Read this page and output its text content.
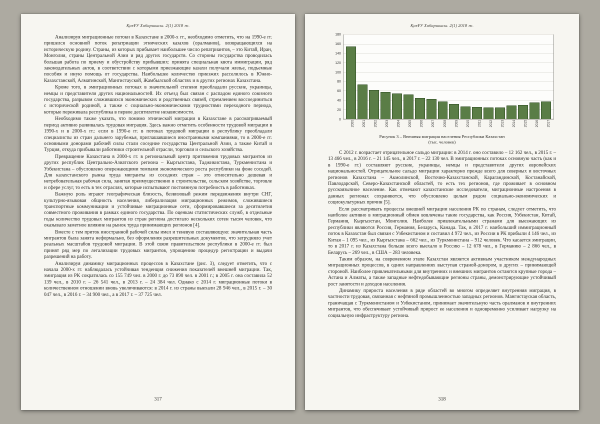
ҚазҰУ Хабаршысы. 2(1) 2018 ж.

Анализируя миграционные потоки в Казахстане в 2000-х гг., необходимо отметить, что на 1990-е гг. пришелся основной поток репатриации этнических казахов (оралманов), возвращающихся на историческую родину. Страны, из которых прибывает наибольшее число репатриантов, – это Китай, Иран, Монголия, страны Центральной Азии и ряд других государств. Со стороны государства проводилась большая работа по приему и обустройству прибывших: принята специальная квота иммиграции, ряд законодательных актов, в соответствии с которыми приезжающие казахи получали жилье, подъемные пособия и иную помощь от государства. Наибольшее количество приезжих расселилось в Южно-Казахстанской, Алматинской, Мангистауской, Жамбылской областях и в других регионах Казахстана.

Кроме того, в эмиграционных потоках в значительной степени преобладали русские, украинцы, немцы и представители других национальностей. Их отъезд был связан с распадом единого союзного государства, разрывом сложившихся экономических и родственных связей, стремлением воссоединиться с исторической родиной, а также с социально-экономическими трудностями переходного периода, которые переживала республика в первое десятилетие независимости.

Необходимо также указать, что помимо этнической миграции в Казахстане в рассматриваемый период активно развивалась трудовая миграция. Здесь важно отметить особенности трудовой миграции в 1990-х и в 2000-х гг.: если в 1990-е гг. в потоках трудовой миграции в республику преобладали специалисты из стран дальнего зарубежья, приглашавшиеся иностранными компаниями, то в 2000-е гг. основными донорами рабочей силы стали соседние государства Центральной Азии, а также Китай и Турция, откуда прибывали работники строительной отрасли, торговли и сельского хозяйства.

Превращение Казахстана в 2000-х гг. в региональный центр притяжения трудовых мигрантов из других республик Центрально-Азиатского региона – Кыргызстана, Таджикистана, Туркменистана и Узбекистана – обусловлено опережающими темпами экономического роста республики на фоне соседей. Для казахстанского рынка труда мигранты из соседних стран – это относительно дешевая и нетребовательная рабочая сила, занятая преимущественно в строительстве, сельском хозяйстве, торговле и сфере услуг, то есть в тех отраслях, которые испытывают постоянную потребность в работниках.

Важную роль играют географическая близость, безвизовый режим передвижения внутри СНГ, культурно-языковая общность населения, либерализация миграционных режимов, сложившиеся транспортные коммуникации и устойчивые миграционные сети, сформировавшиеся за десятилетия совместного проживания в рамках единого государства. По оценкам статистических служб, в отдельные годы количество трудовых мигрантов из стран региона достигало нескольких сотен тысяч человек, что оказывало заметное влияние на рынок труда принимающих регионов [4].

Вместе с тем приток иностранной рабочей силы имел и теневую составляющую: значительная часть мигрантов была занята неформально, без оформления разрешительных документов, что затрудняло учет реальных масштабов трудовой миграции. В этой связи правительством республики в 2000-е гг. был принят ряд мер по легализации трудовых мигрантов, упрощению процедур регистрации и выдачи разрешений на работу.

Анализируя динамику миграционных процессов в Казахстане (рис. 3), следует отметить, что с начала 2000-х гг. наблюдалась устойчивая тенденция снижения показателей внешней миграции. Так, эмиграция из РК сократилась со 155 749 чел. в 2000 г. до 73 890 чел. в 2001 г.; в 2005 г. она составила 52 139 чел., в 2010 г. – 26 541 чел., в 2013 г. – 24 384 чел. Однако с 2014 г. миграционные потоки в количественном отношении вновь увеличиваются: в 2014 г. из страны выехали 28 946 чел., в 2015 г. – 30 047 чел., в 2016 г. – 34 900 чел., а в 2017 г. – 37 725 чел.

317
ҚазҰУ Хабаршысы. 2(1) 2018 ж.
0
20
40
60
80
100
120
140
160
180
2000 2001 2002 2003 2004 2005 2006 2007 2008 2009 2010 2011 2012 2013 2014 2015 2016 2017
Рисунок 3 – Внешняя миграция населения Республики Казахстан
(тыс. человек)

С 2012 г. возрастает отрицательное сальдо миграции: в 2014 г. оно составило – 12 162 чел., в 2015 г. – 13 466 чел., в 2016 г. – 21 145 чел., в 2017 г. – 22 130 чел. В эмиграционных потоках основную часть (как и в 1990-е гг.) составляют русские, украинцы, немцы и представители других европейских национальностей. Отрицательное сальдо миграции характерно прежде всего для северных и восточных регионов Казахстана – Акмолинской, Восточно-Казахстанской, Карагандинской, Костанайской, Павлодарской, Северо-Казахстанской областей, то есть тех регионов, где проживает в основном русскоязычное население. Как отмечают казахстанские исследователи, миграционные настроения в данных регионах сохраняются, что обусловлено целым рядом социально-экономических и социокультурных причин [5].

Если рассматривать процессы внешней миграции населения РК по странам, следует отметить, что наиболее активно в миграционный обмен вовлечены такие государства, как Россия, Узбекистан, Китай, Германия, Кыргызстан, Монголия. Наиболее привлекательными странами для выезжающих из республики являются Россия, Германия, Беларусь, Канада. Так, в 2017 г. наибольший иммиграционный поток в Казахстан был связан с Узбекистаном и составил 4 972 чел., из России в РК прибыли 4 146 чел., из Китая – 1 095 чел., из Кыргызстана – 662 чел., из Туркменистана – 912 человек. Что касается эмиграции, то в 2017 г. из Казахстана больше всего выехало в Россию – 12 678 чел., в Германию – 2 866 чел., в Беларусь – 269 чел., в США – 283 человека.

Таким образом, на современном этапе Казахстан является активным участником международных миграционных процессов, в одних направлениях выступая страной-донором, в других – принимающей стороной. Наиболее привлекательными для внутренних и внешних мигрантов остаются крупные города – Астана и Алматы, а также западные нефтедобывающие регионы страны, демонстрирующие устойчивый рост занятости и доходов населения.

Динамику прироста населения в ряде областей во многом определяет внутренняя миграция, в частности трудовая, связанная с нефтяной промышленностью западных регионов. Мангистауская область, граничащая с Туркменистаном и Узбекистаном, принимает значительную часть оралманов и внутренних мигрантов, что обеспечивает устойчивый прирост ее населения и одновременно усиливает нагрузку на социальную инфраструктуру региона.

318
